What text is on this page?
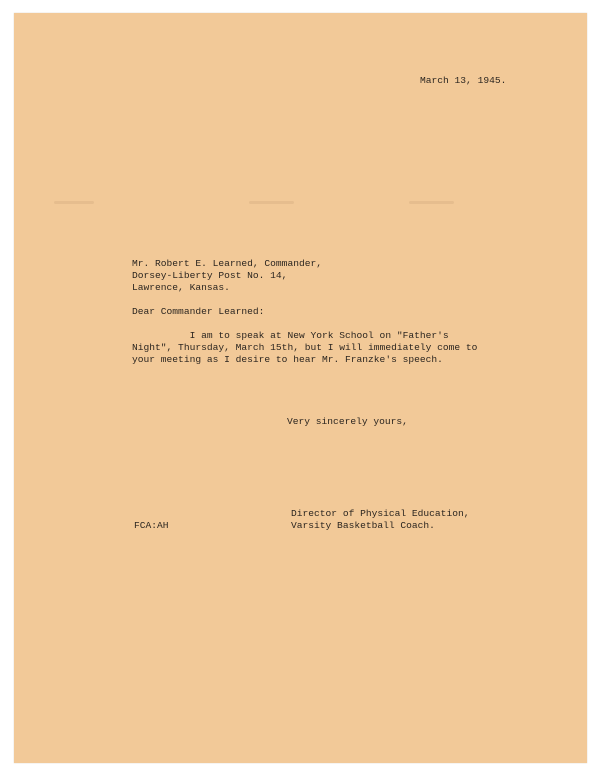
March 13, 1945.
Mr. Robert E. Learned, Commander,
Dorsey-Liberty Post No. 14,
Lawrence, Kansas.
Dear Commander Learned:
I am to speak at New York School on "Father's
Night", Thursday, March 15th, but I will immediately come to
your meeting as I desire to hear Mr. Franzke's speech.
Very sincerely yours,
Director of Physical Education,
Varsity Basketball Coach.
FCA:AH
